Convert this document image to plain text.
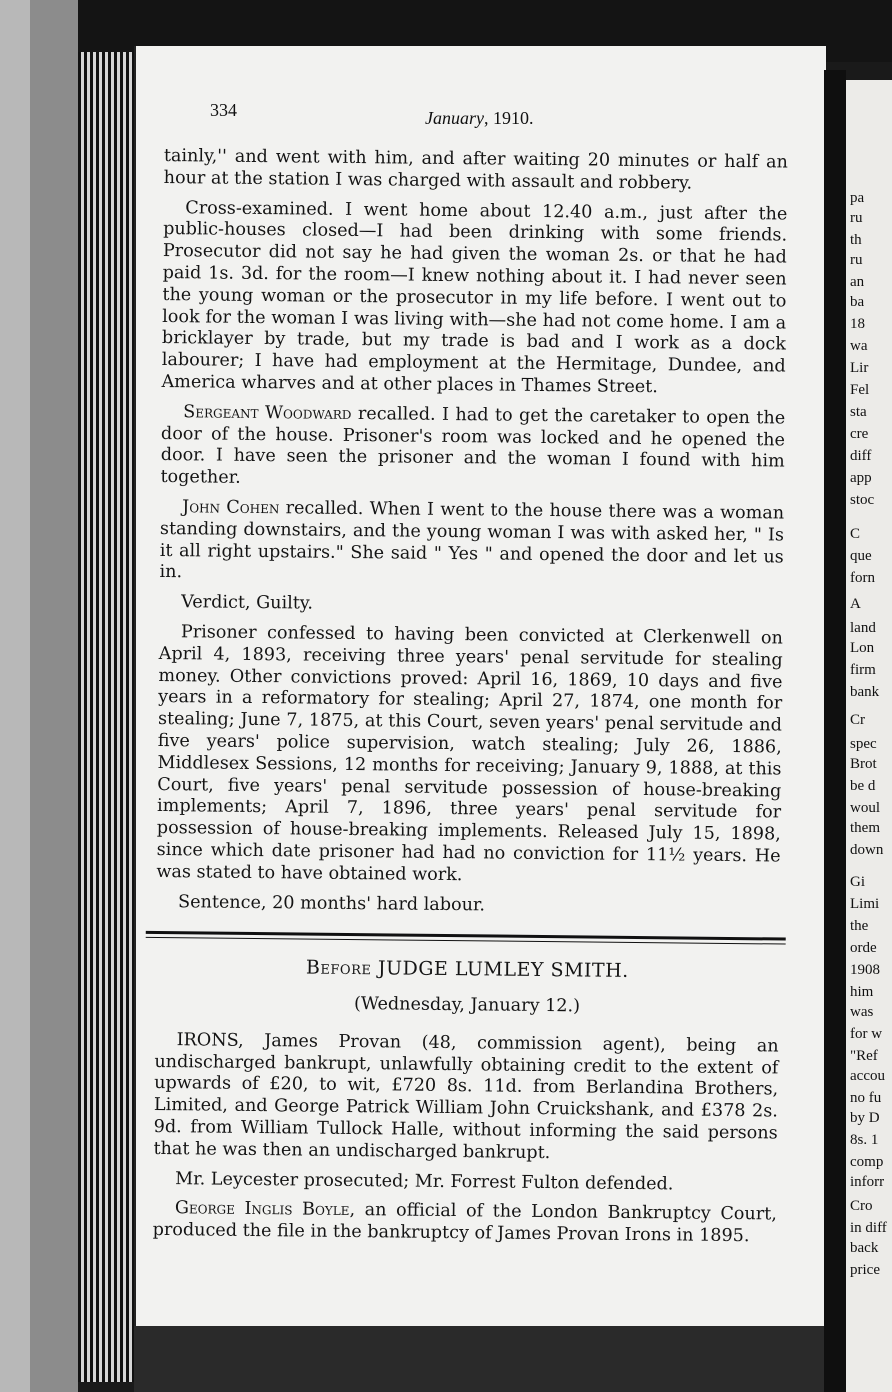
pa
ru
th
ru
an
ba
18
wa
Lir
Fel
sta
cre
diff
app
stoc
C
que
forn
A
land
Lon
firm
bank
Cr
spec
Brot
be d
woul
them
down
Gi
Limi
the
orde
1908
him
was
for w
"Ref
accou
no fu
by D
8s. 1
comp
inforr
Cro
in diff
back
price
334	January, 1910.

tainly,'' and went with him, and after waiting 20 minutes or half an hour at the station I was charged with assault and robbery.

Cross-examined. I went home about 12.40 a.m., just after the public-houses closed—I had been drinking with some friends. Prosecutor did not say he had given the woman 2s. or that he had paid 1s. 3d. for the room—I knew nothing about it. I had never seen the young woman or the prosecutor in my life before. I went out to look for the woman I was living with—she had not come home. I am a bricklayer by trade, but my trade is bad and I work as a dock labourer; I have had employment at the Hermitage, Dundee, and America wharves and at other places in Thames Street.

Sergeant Woodward recalled. I had to get the caretaker to open the door of the house. Prisoner's room was locked and he opened the door. I have seen the prisoner and the woman I found with him together.

John Cohen recalled. When I went to the house there was a woman standing downstairs, and the young woman I was with asked her, " Is it all right upstairs." She said " Yes " and opened the door and let us in.

Verdict, Guilty.

Prisoner confessed to having been convicted at Clerkenwell on April 4, 1893, receiving three years' penal servitude for stealing money. Other convictions proved: April 16, 1869, 10 days and five years in a reformatory for stealing; April 27, 1874, one month for stealing; June 7, 1875, at this Court, seven years' penal servitude and five years' police supervision, watch stealing; July 26, 1886, Middlesex Sessions, 12 months for receiving; January 9, 1888, at this Court, five years' penal servitude possession of house-breaking implements; April 7, 1896, three years' penal servitude for possession of house-breaking implements. Released July 15, 1898, since which date prisoner had had no conviction for 11½ years. He was stated to have obtained work.

Sentence, 20 months' hard labour.

Before JUDGE LUMLEY SMITH.

(Wednesday, January 12.)

IRONS, James Provan (48, commission agent), being an undischarged bankrupt, unlawfully obtaining credit to the extent of upwards of £20, to wit, £720 8s. 11d. from Berlandina Brothers, Limited, and George Patrick William John Cruickshank, and £378 2s. 9d. from William Tullock Halle, without informing the said persons that he was then an undischarged bankrupt.

Mr. Leycester prosecuted; Mr. Forrest Fulton defended.

George Inglis Boyle, an official of the London Bankruptcy Court, produced the file in the bankruptcy of James Provan Irons in 1895.
